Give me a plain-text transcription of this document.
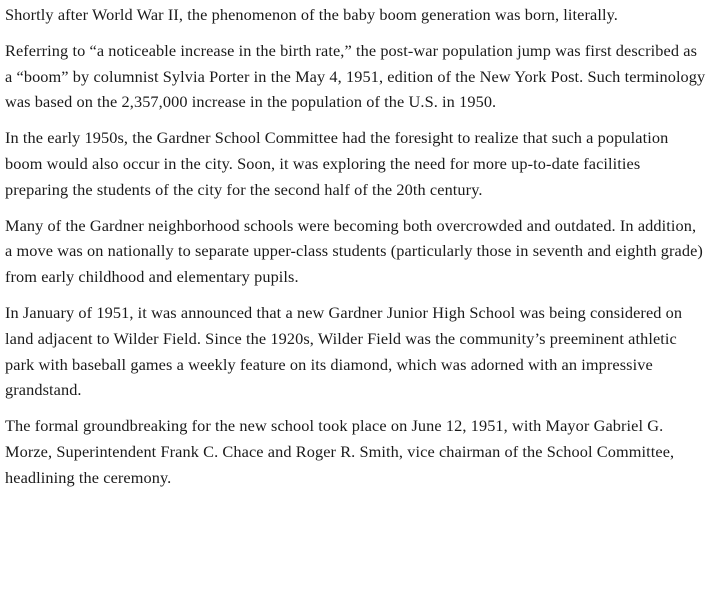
Shortly after World War II, the phenomenon of the baby boom generation was born, literally.

Referring to “a noticeable increase in the birth rate,” the post-war population jump was first described as a “boom” by columnist Sylvia Porter in the May 4, 1951, edition of the New York Post. Such terminology was based on the 2,357,000 increase in the population of the U.S. in 1950.

In the early 1950s, the Gardner School Committee had the foresight to realize that such a population boom would also occur in the city. Soon, it was exploring the need for more up-to-date facilities preparing the students of the city for the second half of the 20th century.

Many of the Gardner neighborhood schools were becoming both overcrowded and outdated. In addition, a move was on nationally to separate upper-class students (particularly those in seventh and eighth grade) from early childhood and elementary pupils.

In January of 1951, it was announced that a new Gardner Junior High School was being considered on land adjacent to Wilder Field. Since the 1920s, Wilder Field was the community’s preeminent athletic park with baseball games a weekly feature on its diamond, which was adorned with an impressive grandstand.

The formal groundbreaking for the new school took place on June 12, 1951, with Mayor Gabriel G. Morze, Superintendent Frank C. Chace and Roger R. Smith, vice chairman of the School Committee, headlining the ceremony.
